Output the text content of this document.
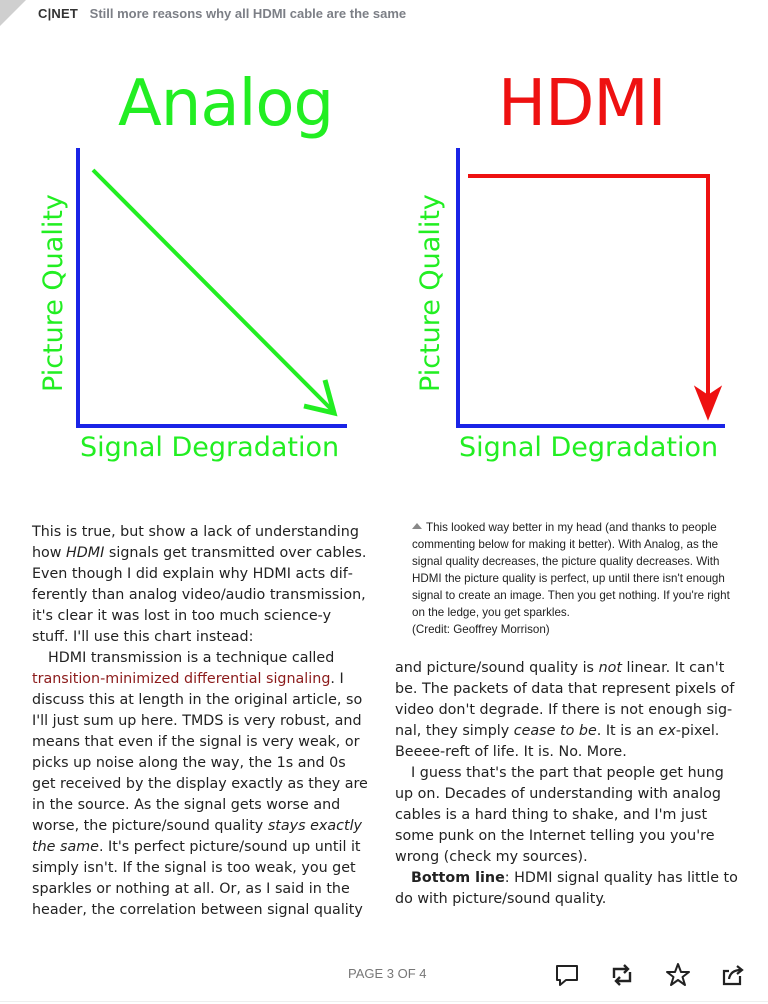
C|NET Still more reasons why all HDMI cable are the same
Analog
Picture Quality
Signal Degradation
HDMI
Picture Quality
Signal Degradation
This looked way better in my head (and thanks to people commenting below for making it better). With Analog, as the signal quality decreases, the picture quality decreases. With HDMI the picture quality is perfect, up until there isn't enough signal to create an image. Then you get nothing. If you're right on the ledge, you get sparkles.
(Credit: Geoffrey Morrison)

This is true, but show a lack of understanding how HDMI signals get transmitted over cables. Even though I did explain why HDMI acts differently than analog video/audio transmission, it's clear it was lost in too much science-y stuff. I'll use this chart instead:

HDMI transmission is a technique called transition-minimized differential signaling. I discuss this at length in the original article, so I'll just sum up here. TMDS is very robust, and means that even if the signal is very weak, or picks up noise along the way, the 1s and 0s get received by the display exactly as they are in the source. As the signal gets worse and worse, the picture/sound quality stays exactly the same. It's perfect picture/sound up until it simply isn't. If the signal is too weak, you get sparkles or nothing at all. Or, as I said in the header, the correlation between signal quality

and picture/sound quality is not linear. It can't be. The packets of data that represent pixels of video don't degrade. If there is not enough signal, they simply cease to be. It is an ex-pixel. Beeee-reft of life. It is. No. More.

I guess that's the part that people get hung up on. Decades of understanding with analog cables is a hard thing to shake, and I'm just some punk on the Internet telling you you're wrong (check my sources).

Bottom line: HDMI signal quality has little to do with picture/sound quality.

PAGE 3 OF 4
